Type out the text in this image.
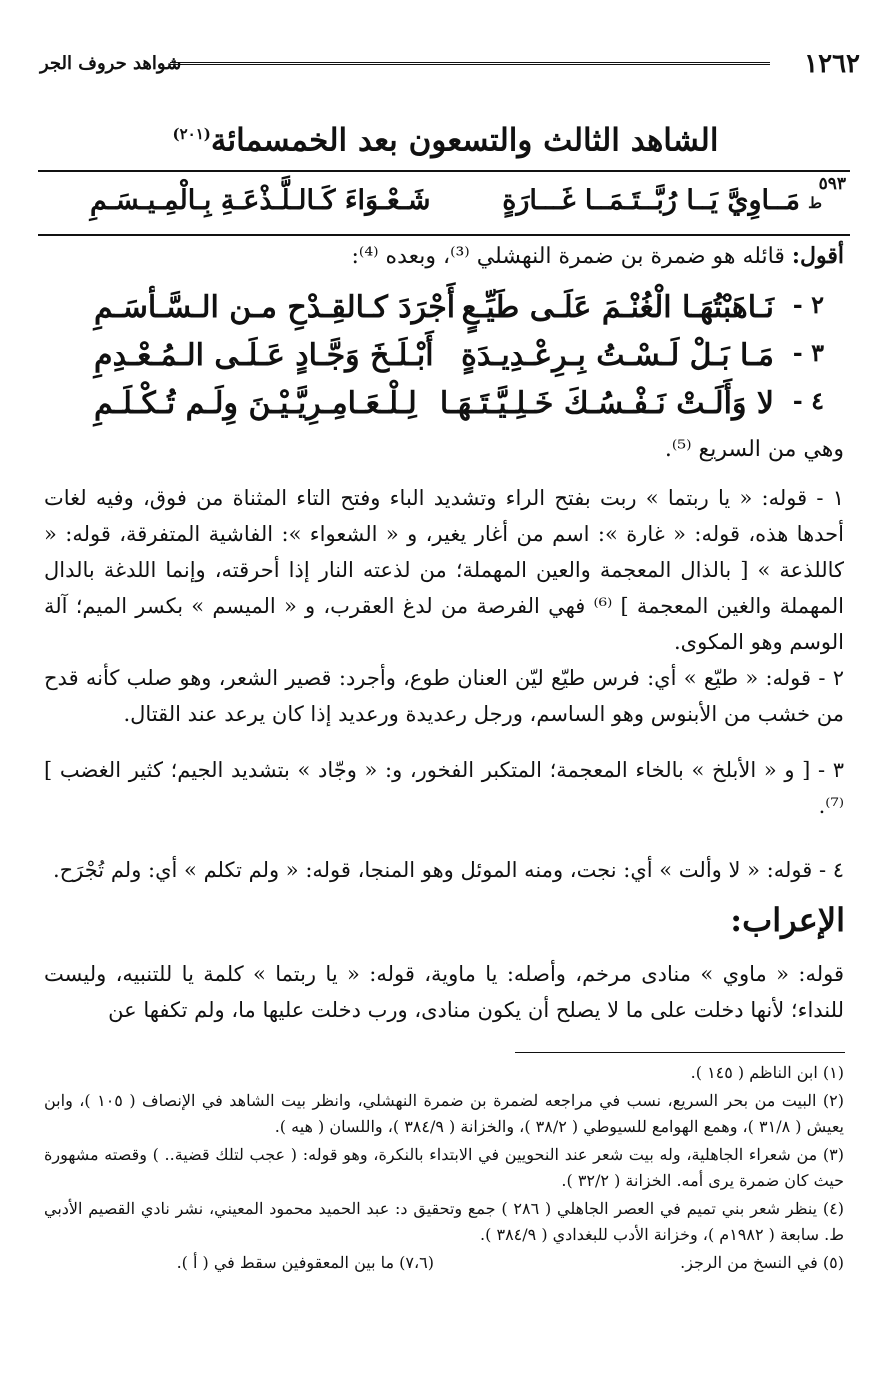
١٢٦٢
شواهد حروف الجر
الشاهد الثالث والتسعون بعد الخمسمائة$^{(٢٠١)}$
٥٩٣
ط
مَــاوِيَّ يَــا رُبَّــتَـمَــا غَـــارَةٍ
شَـعْـوَاءَ كَـالـلَّـذْعَـةِ بِـالْمِـيـسَـمِ
أقول: قائله هو ضمرة بن ضمرة النهشلي ⁽³⁾، وبعده ⁽⁴⁾:
٢ -
نَـاهَبْتُهَـا الْغُنْـمَ عَلَـى طَيِّـعٍ
أَجْرَدَ كـالقِـدْحِ مـن الـسَّـأسَـمِ
٣ -
مَـا بَـلْ لَـسْـتُ بِـرِعْـدِيـدَةٍ
أَبْـلَـخَ وَجَّـادٍ عَـلَـى الـمُـعْـدِمِ
٤ -
لا وَأَلَـتْ نَـفْـسُـكَ خَـلِـيَّـتَـهَـا
لِـلْـعَـامِـرِيَّـيْـنَ وِلَـم تُـكْـلَـمِ
وهي من السريع ⁽⁵⁾.
١ - قوله: « يا ربتما » ربت بفتح الراء وتشديد الباء وفتح التاء المثناة من فوق، وفيه لغات أحدها هذه، قوله: « غارة »: اسم من أغار يغير، و « الشعواء »: الفاشية المتفرقة، قوله: « كاللذعة » [ بالذال المعجمة والعين المهملة؛ من لذعته النار إذا أحرقته، وإنما اللدغة بالدال المهملة والغين المعجمة ] ⁽⁶⁾ فهي الفرصة من لدغ العقرب، و « الميسم » بكسر الميم؛ آلة الوسم وهو المكوى.
٢ - قوله: « طيّع » أي: فرس طيّع ليّن العنان طوع، وأجرد: قصير الشعر، وهو صلب كأنه قدح من خشب من الأبنوس وهو الساسم، ورجل رعديدة ورعديد إذا كان يرعد عند القتال.
٣ - [ و « الأبلخ » بالخاء المعجمة؛ المتكبر الفخور، و: « وجّاد » بتشديد الجيم؛ كثير الغضب ] ⁽⁷⁾.
٤ - قوله: « لا وألت » أي: نجت، ومنه الموئل وهو المنجا، قوله: « ولم تكلم » أي: ولم تُجْرَح.
الإعراب:
قوله: « ماوي » منادى مرخم، وأصله: يا ماوية، قوله: « يا ربتما » كلمة يا للتنبيه، وليست للنداء؛ لأنها دخلت على ما لا يصلح أن يكون منادى، ورب دخلت عليها ما، ولم تكفها عن
(١) ابن الناظم ( ١٤٥ ).
(٢) البيت من بحر السريع، نسب في مراجعه لضمرة بن ضمرة النهشلي، وانظر بيت الشاهد في الإنصاف ( ١٠٥ )، وابن يعيش ( ٣١/٨ )، وهمع الهوامع للسيوطي ( ٣٨/٢ )، والخزانة ( ٣٨٤/٩ )، واللسان ( هيه ).
(٣) من شعراء الجاهلية، وله بيت شعر عند النحويين في الابتداء بالنكرة، وهو قوله: ( عجب لتلك قضية.. ) وقصته مشهورة حيث كان ضمرة يرى أمه. الخزانة ( ٣٢/٢ ).
(٤) ينظر شعر بني تميم في العصر الجاهلي ( ٢٨٦ ) جمع وتحقيق د: عبد الحميد محمود المعيني، نشر نادي القصيم الأدبي ط. سابعة ( ١٩٨٢م )، وخزانة الأدب للبغدادي ( ٣٨٤/٩ ).
(٥) في النسخ من الرجز.
(٧،٦) ما بين المعقوفين سقط في ( أ ).
